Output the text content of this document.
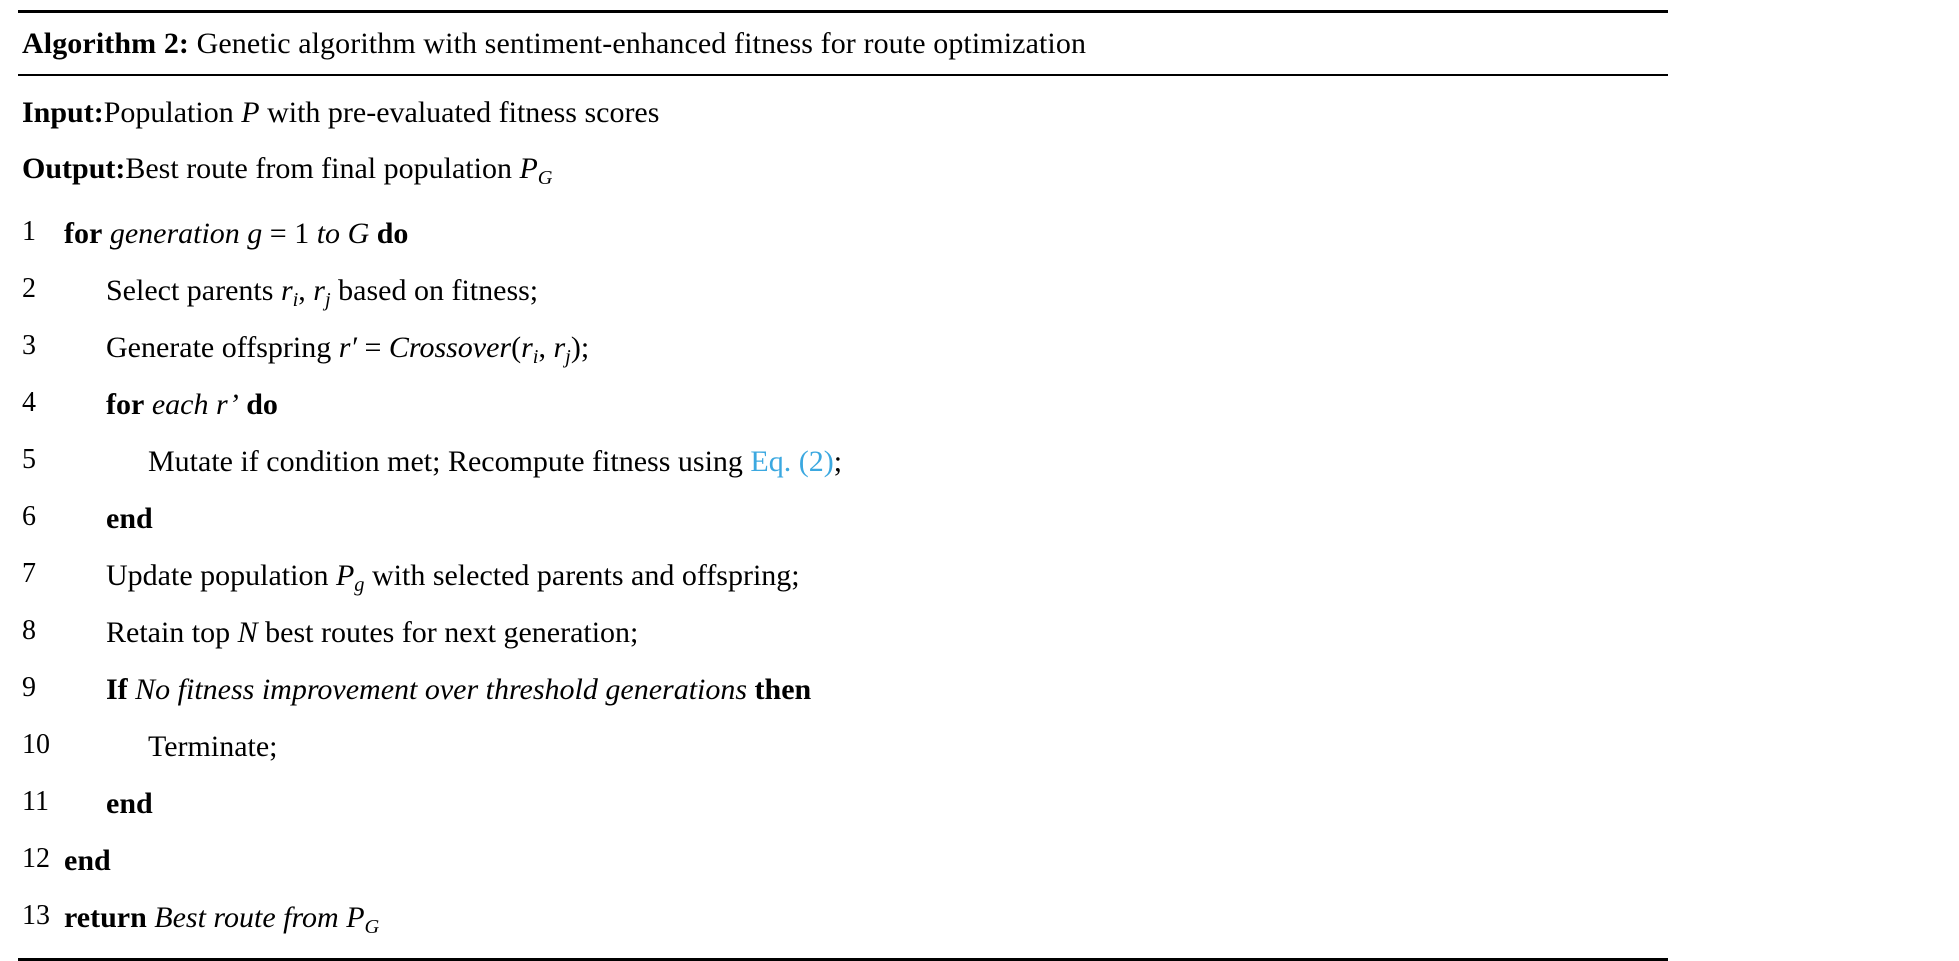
Algorithm 2: Genetic algorithm with sentiment-enhanced fitness for route optimization
Input:Population P with pre-evaluated fitness scores
Output:Best route from final population $P_G$
1 for generation g = 1 to G do
2	Select parents $r_i$, $r_j$ based on fitness;
3	Generate offspring $r' = Crossover(r_i$, $r_j$);
4	for each r’ do
5	Mutate if condition met; Recompute fitness using Eq. (2);
6	end
7	Update population $P_g$ with selected parents and offspring;
8	Retain top N best routes for next generation;
9	If No fitness improvement over threshold generations then
10	Terminate;
11	end
12 end
13 return Best route from $P_G$
